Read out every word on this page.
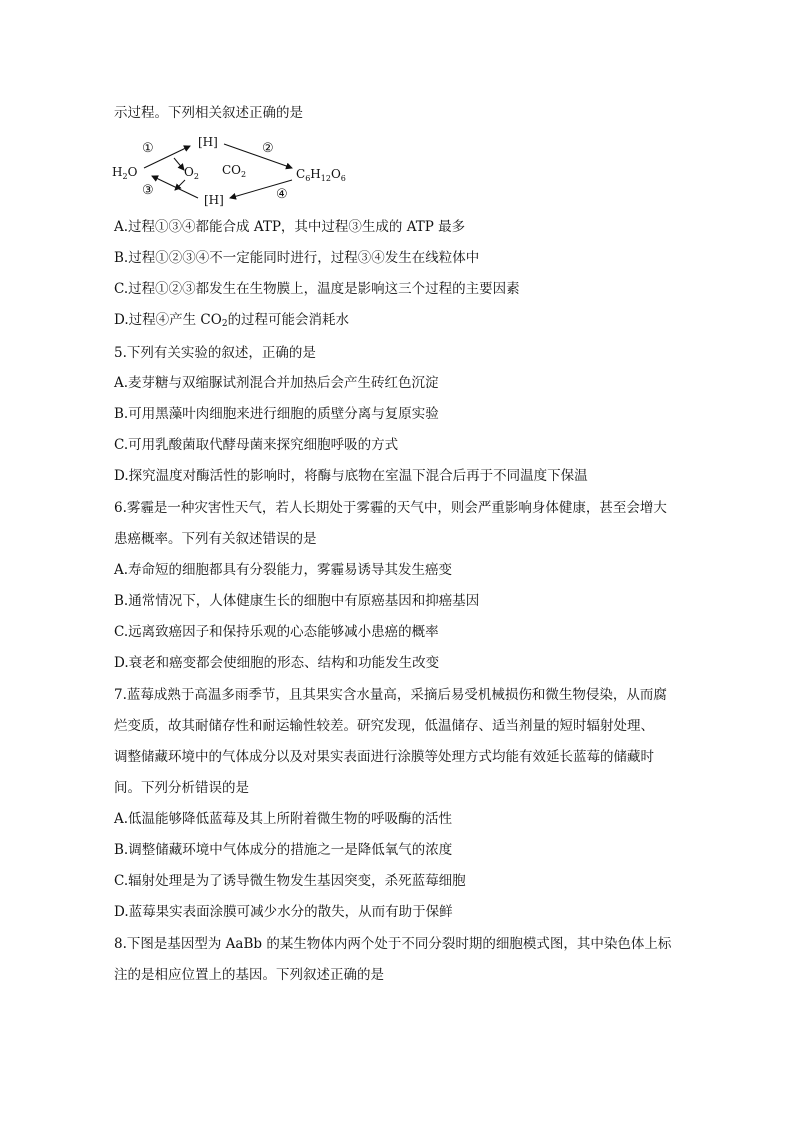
示过程。下列相关叙述正确的是
$H_2O$
[H]
$O_2$ $CO_2$
[H]
$C_6H_{12}O_6$
①	②
③	④
A.过程①③④都能合成 ATP，其中过程③生成的 ATP 最多
B.过程①②③④不一定能同时进行，过程③④发生在线粒体中
C.过程①②③都发生在生物膜上，温度是影响这三个过程的主要因素
D.过程④产生 $CO_2$的过程可能会消耗水
5.下列有关实验的叙述，正确的是
A.麦芽糖与双缩脲试剂混合并加热后会产生砖红色沉淀
B.可用黑藻叶肉细胞来进行细胞的质壁分离与复原实验
C.可用乳酸菌取代酵母菌来探究细胞呼吸的方式
D.探究温度对酶活性的影响时，将酶与底物在室温下混合后再于不同温度下保温
6.雾霾是一种灾害性天气，若人长期处于雾霾的天气中，则会严重影响身体健康，甚至会增大
患癌概率。下列有关叙述错误的是
A.寿命短的细胞都具有分裂能力，雾霾易诱导其发生癌变
B.通常情况下，人体健康生长的细胞中有原癌基因和抑癌基因
C.远离致癌因子和保持乐观的心态能够减小患癌的概率
D.衰老和癌变都会使细胞的形态、结构和功能发生改变
7.蓝莓成熟于高温多雨季节，且其果实含水量高，采摘后易受机械损伤和微生物侵染，从而腐
烂变质，故其耐储存性和耐运输性较差。研究发现，低温储存、适当剂量的短时辐射处理、
调整储藏环境中的气体成分以及对果实表面进行涂膜等处理方式均能有效延长蓝莓的储藏时
间。下列分析错误的是
A.低温能够降低蓝莓及其上所附着微生物的呼吸酶的活性
B.调整储藏环境中气体成分的措施之一是降低氧气的浓度
C.辐射处理是为了诱导微生物发生基因突变，杀死蓝莓细胞
D.蓝莓果实表面涂膜可减少水分的散失，从而有助于保鲜
8.下图是基因型为 AaBb 的某生物体内两个处于不同分裂时期的细胞模式图，其中染色体上标
注的是相应位置上的基因。下列叙述正确的是
